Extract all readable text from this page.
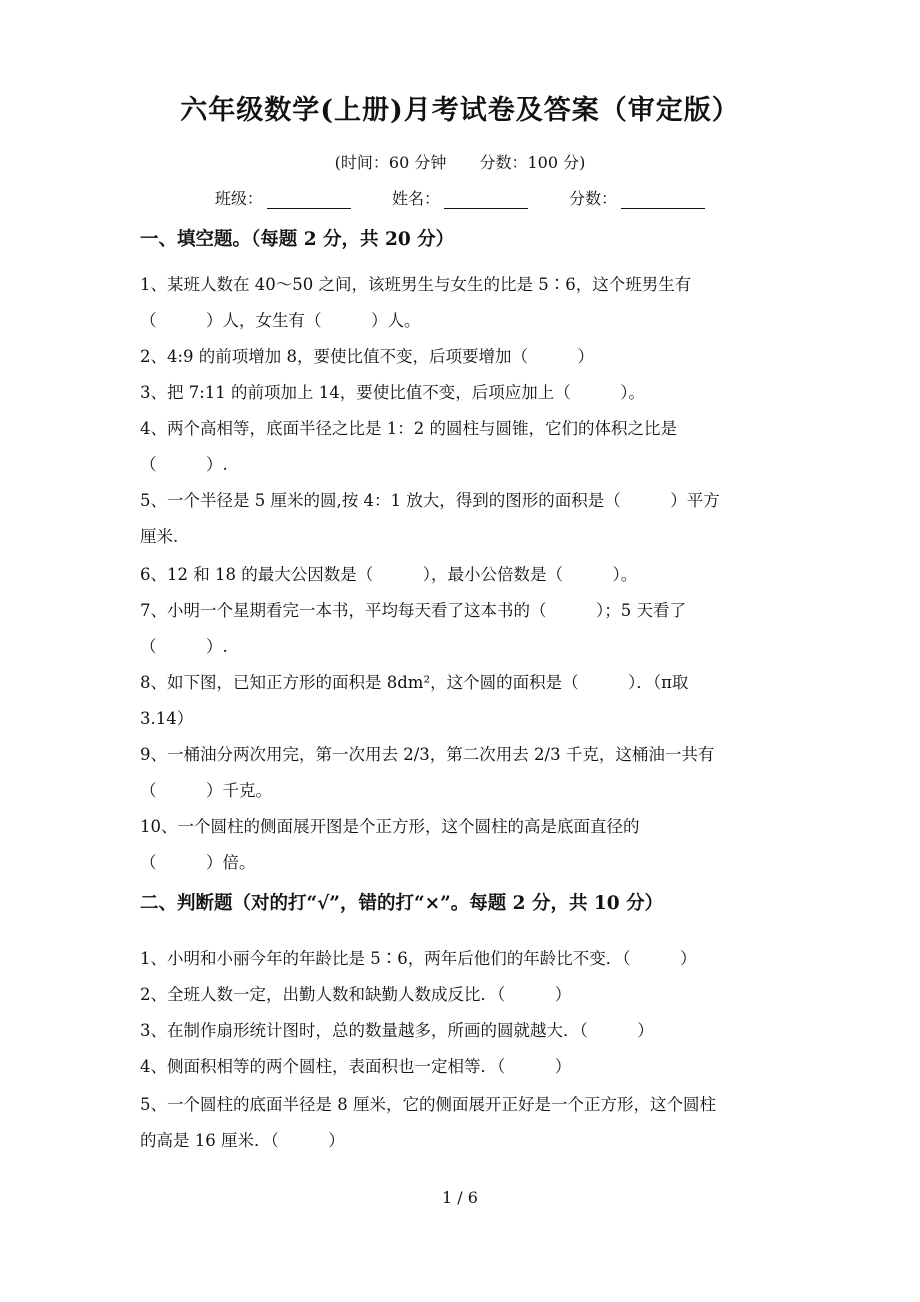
六年级数学(上册)月考试卷及答案（审定版）
(时间：60 分钟 分数：100 分)
班级：	姓名：	分数：
一、填空题。（每题 2 分，共 20 分）
1、某班人数在 40～50 之间，该班男生与女生的比是 5∶6，这个班男生有
（　　　）人，女生有（　　　）人。
2、4:9 的前项增加 8，要使比值不变，后项要增加（　　　）
3、把 7:11 的前项加上 14，要使比值不变，后项应加上（　　　）。
4、两个高相等，底面半径之比是 1：2 的圆柱与圆锥，它们的体积之比是
（　　　）.
5、一个半径是 5 厘米的圆,按 4：1 放大，得到的图形的面积是（　　　）平方
厘米.
6、12 和 18 的最大公因数是（　　　），最小公倍数是（　　　）。
7、小明一个星期看完一本书，平均每天看了这本书的（　　　）；5 天看了
（　　　）.
8、如下图，已知正方形的面积是 8dm²，这个圆的面积是（　　　）．（π取
3.14）
9、一桶油分两次用完，第一次用去 2/3，第二次用去 2/3 千克，这桶油一共有
（　　　）千克。
10、一个圆柱的侧面展开图是个正方形，这个圆柱的高是底面直径的
（　　　）倍。
二、判断题（对的打“√”，错的打“×”。每题 2 分，共 10 分）
1、小明和小丽今年的年龄比是 5∶6，两年后他们的年龄比不变．（　　　）
2、全班人数一定，出勤人数和缺勤人数成反比．（　　　）
3、在制作扇形统计图时，总的数量越多，所画的圆就越大．（　　　）
4、侧面积相等的两个圆柱，表面积也一定相等．（　　　）
5、一个圆柱的底面半径是 8 厘米，它的侧面展开正好是一个正方形，这个圆柱
的高是 16 厘米．（　　　）
1 / 6
